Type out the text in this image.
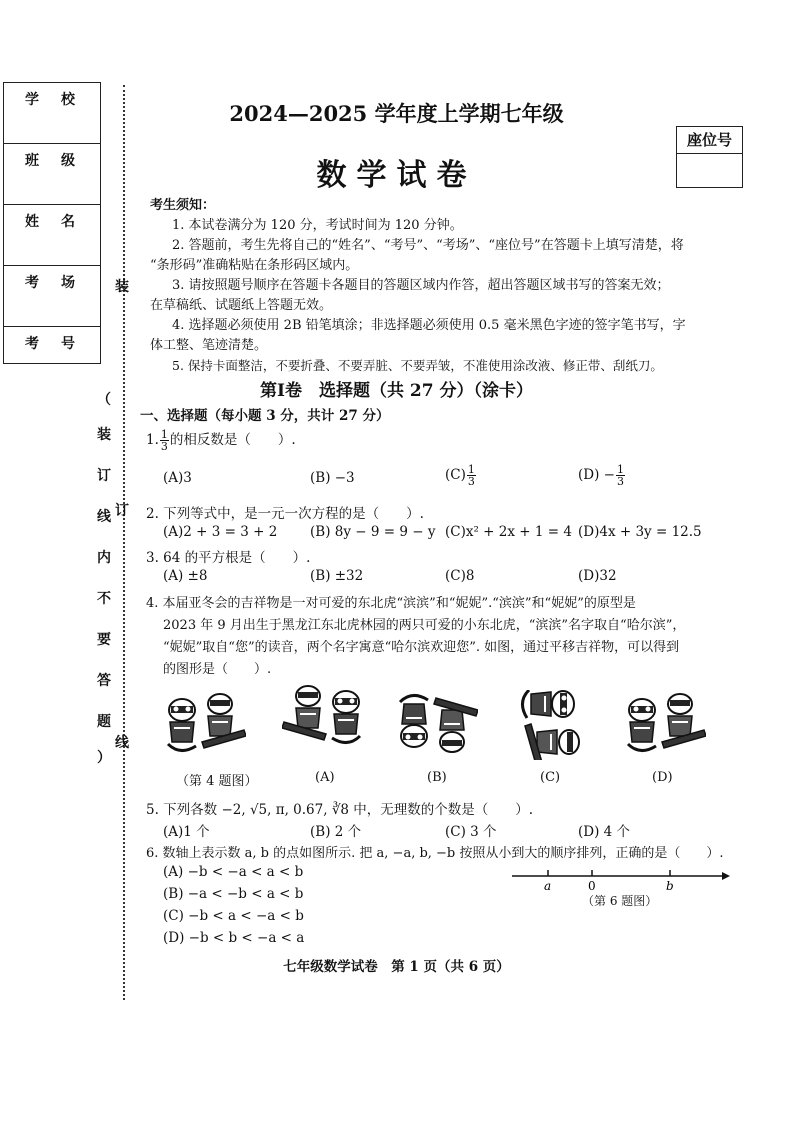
学　校
班　级
姓　名
考　场
考　号
装
（
装
订
线
内
不
要
答
题
）
订
线
2024—2025 学年度上学期七年级
数学试卷
座位号
考生须知：
1. 本试卷满分为 120 分，考试时间为 120 分钟。
2. 答题前，考生先将自己的“姓名”、“考号”、“考场”、“座位号”在答题卡上填写清楚，将
“条形码”准确粘贴在条形码区域内。
3. 请按照题号顺序在答题卡各题目的答题区域内作答，超出答题区域书写的答案无效；
在草稿纸、试题纸上答题无效。
4. 选择题必须使用 2B 铅笔填涂；非选择题必须使用 0.5 毫米黑色字迹的签字笔书写，字
体工整、笔迹清楚。
5. 保持卡面整洁，不要折叠、不要弄脏、不要弄皱，不准使用涂改液、修正带、刮纸刀。
第Ⅰ卷　选择题（共 27 分）（涂卡）
一、选择题（每小题 3 分，共计 27 分）
1. $\frac{1}{3}$ 的相反数是（　　）.
(A)3	(B) −3	$(C) \frac{1}{3}$	$(D) - \frac{1}{3}$
2. 下列等式中，是一元一次方程的是（　　）.
(A)2 + 3 = 3 + 2 (B) 8y − 9 = 9 − y (C)x² + 2x + 1 = 4 (D)4x + 3y = 12.5
3. 64 的平方根是（　　）.
(A) ±8	(B) ±32	(C)8	(D)32
4. 本届亚冬会的吉祥物是一对可爱的东北虎“滨滨”和“妮妮”.“滨滨”和“妮妮”的原型是
2023 年 9 月出生于黑龙江东北虎林园的两只可爱的小东北虎，“滨滨”名字取自“哈尔滨”，
“妮妮”取自“您”的读音，两个名字寓意“哈尔滨欢迎您”. 如图，通过平移吉祥物，可以得到
的图形是（　　）.
（第 4 题图）	(A)	(B)	(C)	(D)
5. 下列各数 −2, √5, π, 0.67, ∛8 中，无理数的个数是（　　）.
(A)1 个	(B) 2 个	(C) 3 个	(D) 4 个
6. 数轴上表示数 a, b 的点如图所示. 把 a, −a, b, −b 按照从小到大的顺序排列，正确的是（　　）.
(A) −b < −a < a < b
(B) −a < −b < a < b
(C) −b < a < −a < b
(D) −b < b < −a < a
a	0	b
（第 6 题图）
七年级数学试卷　第 1 页（共 6 页）
